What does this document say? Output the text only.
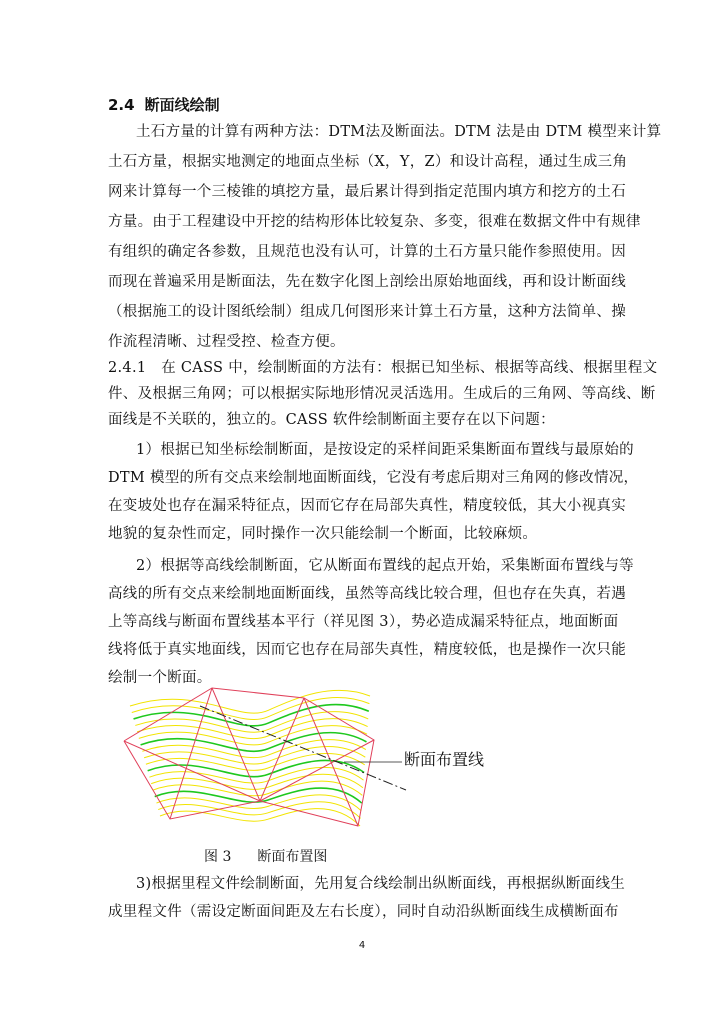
2.4 断面线绘制
土石方量的计算有两种方法：DTM法及断面法。DTM 法是由 DTM 模型来计算
土石方量，根据实地测定的地面点坐标（X，Y，Z）和设计高程，通过生成三角
网来计算每一个三棱锥的填挖方量，最后累计得到指定范围内填方和挖方的土石
方量。由于工程建设中开挖的结构形体比较复杂、多变，很难在数据文件中有规律
有组织的确定各参数，且规范也没有认可，计算的土石方量只能作参照使用。因
而现在普遍采用是断面法，先在数字化图上剖绘出原始地面线，再和设计断面线
（根据施工的设计图纸绘制）组成几何图形来计算土石方量，这种方法简单、操
作流程清晰、过程受控、检查方便。
2.4.1　在 CASS 中，绘制断面的方法有：根据已知坐标、根据等高线、根据里程文
件、及根据三角网；可以根据实际地形情况灵活选用。生成后的三角网、等高线、断
面线是不关联的，独立的。CASS 软件绘制断面主要存在以下问题：
1）根据已知坐标绘制断面，是按设定的采样间距采集断面布置线与最原始的
DTM 模型的所有交点来绘制地面断面线，它没有考虑后期对三角网的修改情况，
在变坡处也存在漏采特征点，因而它存在局部失真性，精度较低，其大小视真实
地貌的复杂性而定，同时操作一次只能绘制一个断面，比较麻烦。
2）根据等高线绘制断面，它从断面布置线的起点开始，采集断面布置线与等
高线的所有交点来绘制地面断面线，虽然等高线比较合理，但也存在失真，若遇
上等高线与断面布置线基本平行（祥见图 3），势必造成漏采特征点，地面断面
线将低于真实地面线，因而它也存在局部失真性，精度较低，也是操作一次只能
绘制一个断面。
断面布置线
图 3 断面布置图
3)根据里程文件绘制断面，先用复合线绘制出纵断面线，再根据纵断面线生
成里程文件（需设定断面间距及左右长度），同时自动沿纵断面线生成横断面布
4
